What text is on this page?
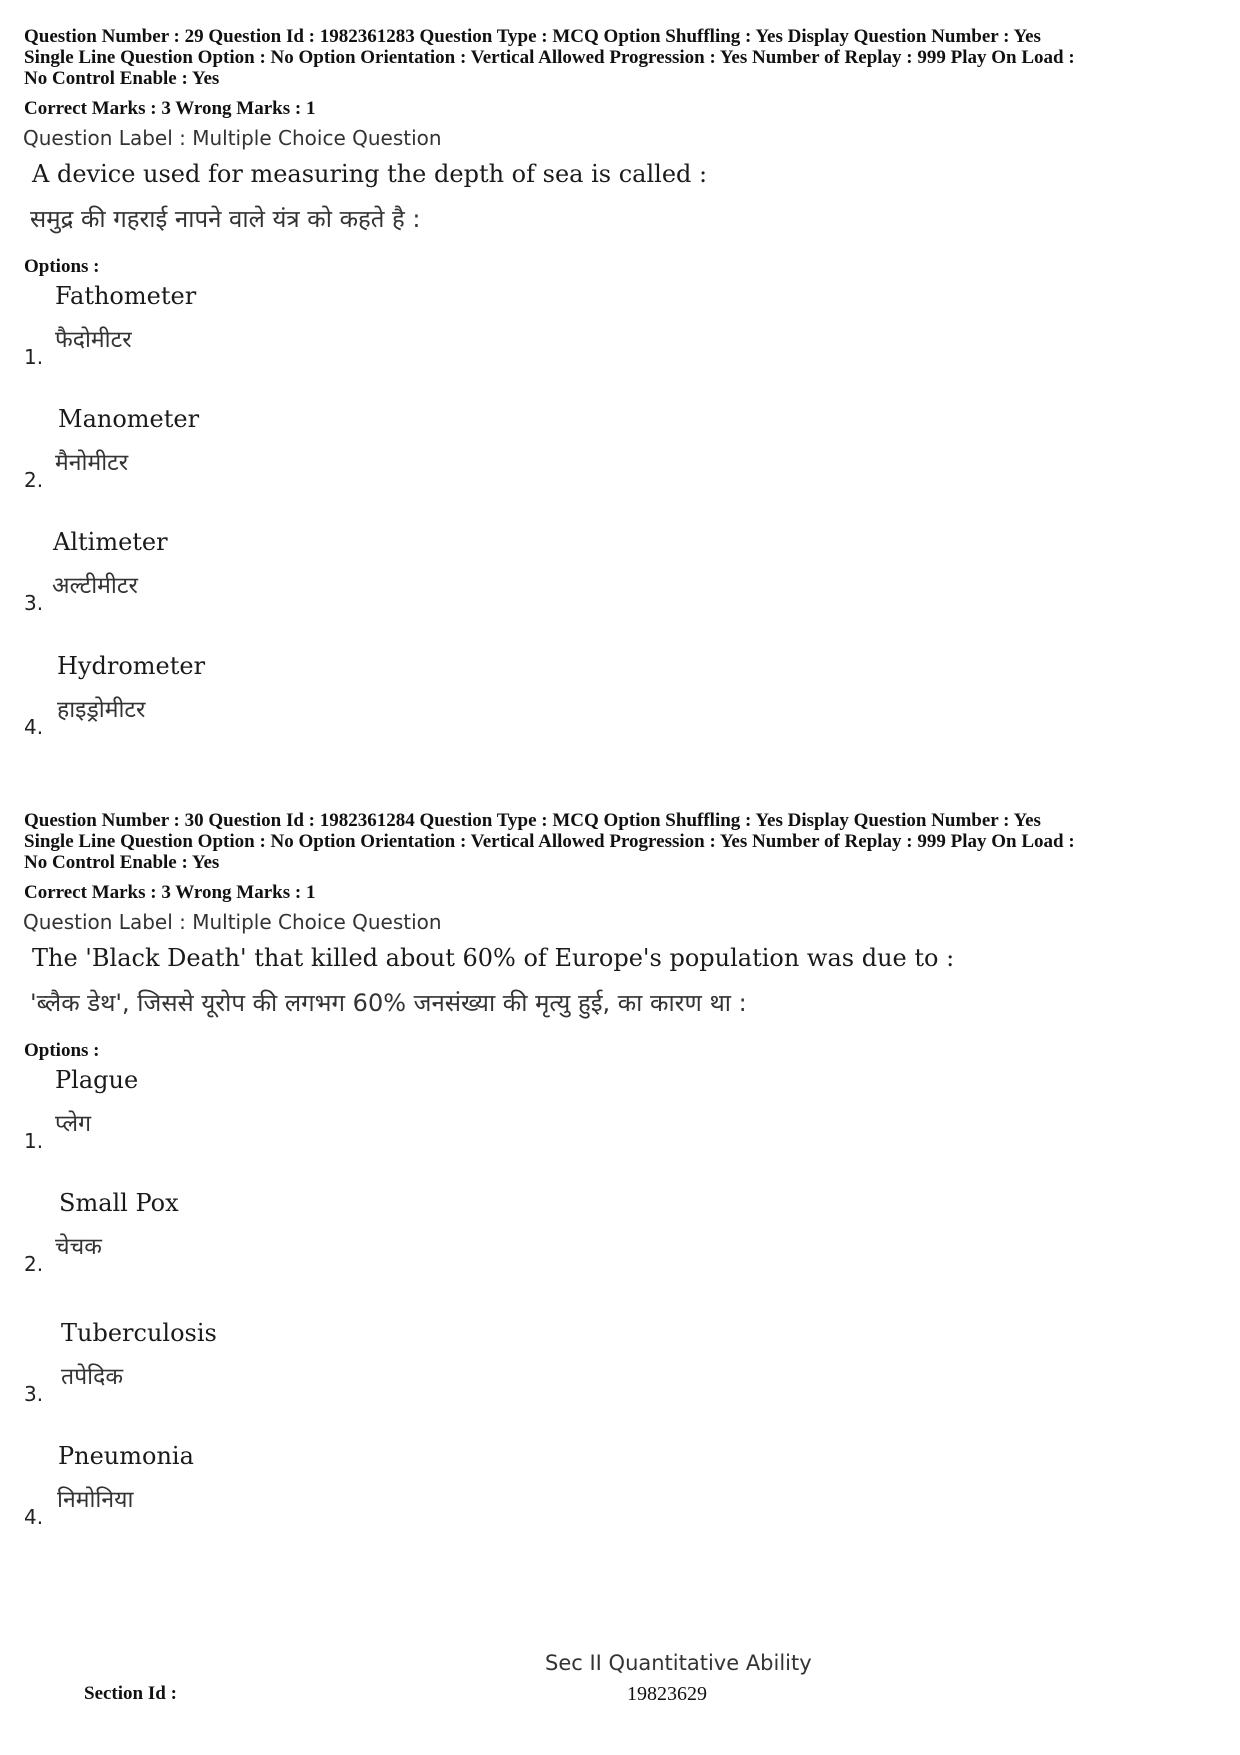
Question Number : 29 Question Id : 1982361283 Question Type : MCQ Option Shuffling : Yes Display Question Number : Yes

Single Line Question Option : No Option Orientation : Vertical Allowed Progression : Yes Number of Replay : 999 Play On Load :

No Control Enable : Yes

Correct Marks : 3 Wrong Marks : 1

Question Label : Multiple Choice Question

A device used for measuring the depth of sea is called :

समुद्र की गहराई नापने वाले यंत्र को कहते है :

Options :

Fathometer

फैदोमीटर

1.

Manometer

मैनोमीटर

2.

Altimeter

अल्टीमीटर

3.

Hydrometer

हाइड्रोमीटर

4.

Question Number : 30 Question Id : 1982361284 Question Type : MCQ Option Shuffling : Yes Display Question Number : Yes

Single Line Question Option : No Option Orientation : Vertical Allowed Progression : Yes Number of Replay : 999 Play On Load :

No Control Enable : Yes

Correct Marks : 3 Wrong Marks : 1

Question Label : Multiple Choice Question

The 'Black Death' that killed about 60% of Europe's population was due to :

'ब्लैक डेथ', जिससे यूरोप की लगभग 60% जनसंख्या की मृत्यु हुई, का कारण था :

Options :

Plague

प्लेग

1.

Small Pox

चेचक

2.

Tuberculosis

तपेदिक

3.

Pneumonia

निमोनिया

4.

Sec II Quantitative Ability

Section Id :	19823629
